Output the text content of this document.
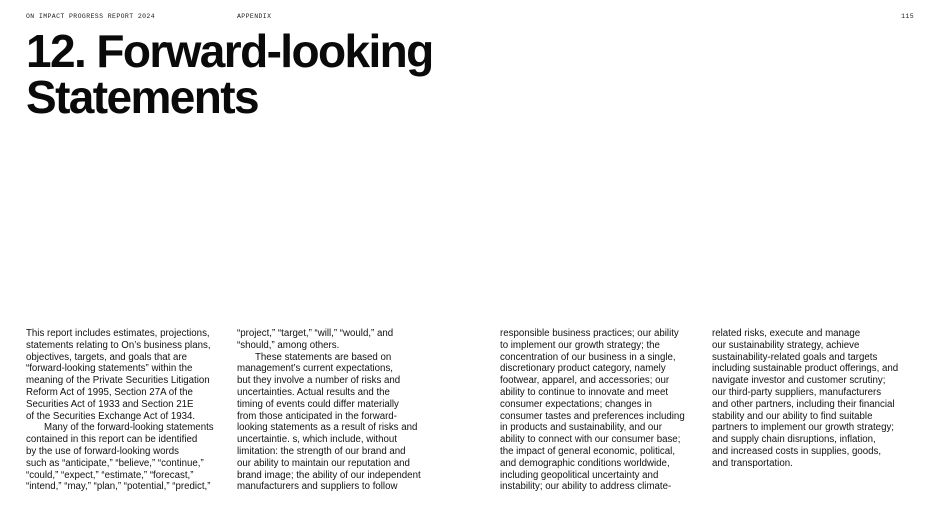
ON IMPACT PROGRESS REPORT 2024	APPENDIX	115
12. Forward-looking
Statements
This report includes estimates, projections,
statements relating to On’s business plans,
objectives, targets, and goals that are
“forward-looking statements” within the
meaning of the Private Securities Litigation
Reform Act of 1995, Section 27A of the
Securities Act of 1933 and Section 21E
of the Securities Exchange Act of 1934.
Many of the forward-looking statements
contained in this report can be identified
by the use of forward-looking words
such as “anticipate,” “believe,” “continue,”
“could,” “expect,” “estimate,” “forecast,”
“intend,” “may,” “plan,” “potential,” “predict,”
“project,” “target,” “will,” “would,” and
“should,” among others.
These statements are based on
management’s current expectations,
but they involve a number of risks and
uncertainties. Actual results and the
timing of events could differ materially
from those anticipated in the forward-
looking statements as a result of risks and
uncertaintie. s, which include, without
limitation: the strength of our brand and
our ability to maintain our reputation and
brand image; the ability of our independent
manufacturers and suppliers to follow
responsible business practices; our ability
to implement our growth strategy; the
concentration of our business in a single,
discretionary product category, namely
footwear, apparel, and accessories; our
ability to continue to innovate and meet
consumer expectations; changes in
consumer tastes and preferences including
in products and sustainability, and our
ability to connect with our consumer base;
the impact of general economic, political,
and demographic conditions worldwide,
including geopolitical uncertainty and
instability; our ability to address climate-
related risks, execute and manage
our sustainability strategy, achieve
sustainability-related goals and targets
including sustainable product offerings, and
navigate investor and customer scrutiny;
our third-party suppliers, manufacturers
and other partners, including their financial
stability and our ability to find suitable
partners to implement our growth strategy;
and supply chain disruptions, inflation,
and increased costs in supplies, goods,
and transportation.
